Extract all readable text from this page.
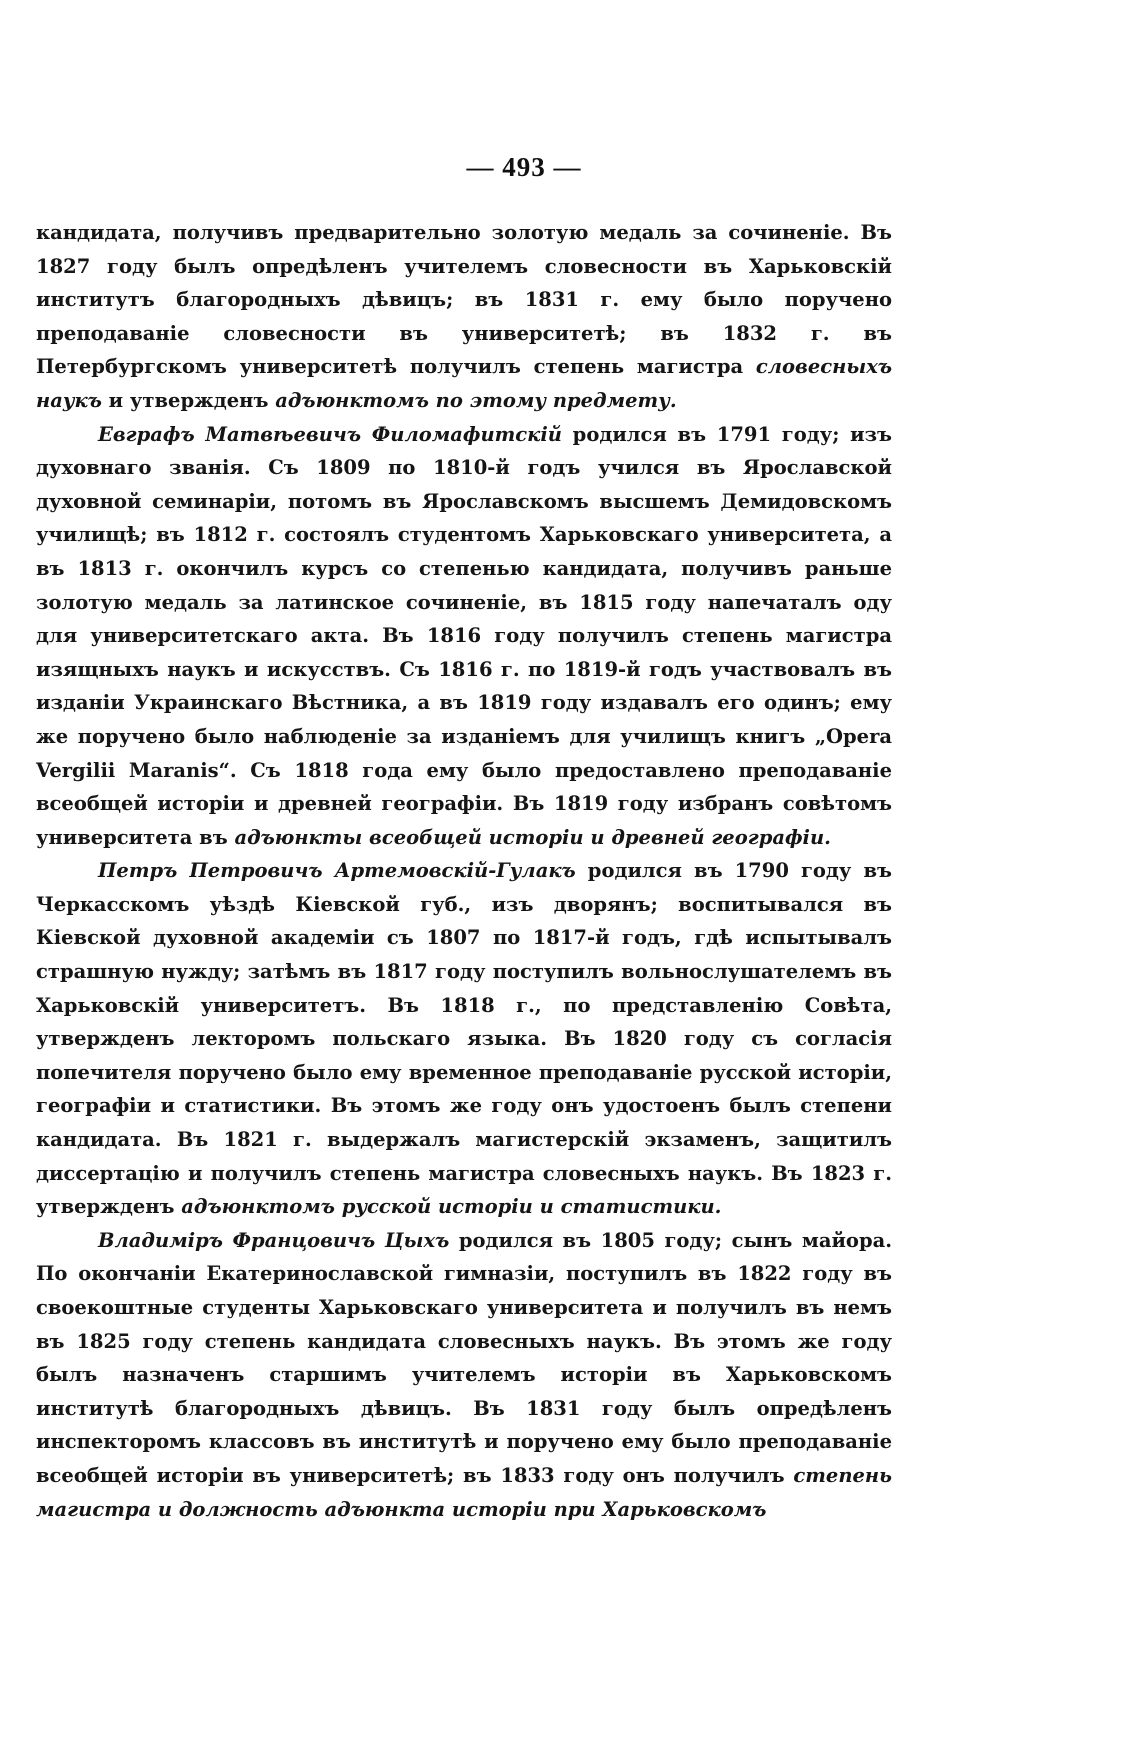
— 493 —

кандидата, получивъ предварительно золотую медаль за сочиненіе. Въ 1827 году былъ опредѣленъ учителемъ словесности въ Харьковскій институтъ благородныхъ дѣвицъ; въ 1831 г. ему было поручено преподаваніе словесности въ университетѣ; въ 1832 г. въ Петербургскомъ университетѣ получилъ степень магистра словесныхъ наукъ и утвержденъ адъюнктомъ по этому предмету.

Евграфъ Матвѣевичъ Филомафитскій родился въ 1791 году; изъ духовнаго званія. Съ 1809 по 1810-й годъ учился въ Ярославской духовной семинаріи, потомъ въ Ярославскомъ высшемъ Демидовскомъ училищѣ; въ 1812 г. состоялъ студентомъ Харьковскаго университета, а въ 1813 г. окончилъ курсъ со степенью кандидата, получивъ раньше золотую медаль за латинское сочиненіе, въ 1815 году напечаталъ оду для университетскаго акта. Въ 1816 году получилъ степень магистра изящныхъ наукъ и искусствъ. Съ 1816 г. по 1819-й годъ участвовалъ въ изданіи Украинскаго Вѣстника, а въ 1819 году издавалъ его одинъ; ему же поручено было наблюденіе за изданіемъ для училищъ книгъ „Opera Vergilii Maranis“. Съ 1818 года ему было предоставлено преподаваніе всеобщей исторіи и древней географіи. Въ 1819 году избранъ совѣтомъ университета въ адъюнкты всеобщей исторіи и древней географіи.

Петръ Петровичъ Артемовскій-Гулакъ родился въ 1790 году въ Черкасскомъ уѣздѣ Кіевской губ., изъ дворянъ; воспитывался въ Кіевской духовной академіи съ 1807 по 1817-й годъ, гдѣ испытывалъ страшную нужду; затѣмъ въ 1817 году поступилъ вольнослушателемъ въ Харьковскій университетъ. Въ 1818 г., по представленію Совѣта, утвержденъ лекторомъ польскаго языка. Въ 1820 году съ согласія попечителя поручено было ему временное преподаваніе русской исторіи, географіи и статистики. Въ этомъ же году онъ удостоенъ былъ степени кандидата. Въ 1821 г. выдержалъ магистерскій экзаменъ, защитилъ диссертацію и получилъ степень магистра словесныхъ наукъ. Въ 1823 г. утвержденъ адъюнктомъ русской исторіи и статистики.

Владиміръ Францовичъ Цыхъ родился въ 1805 году; сынъ майора. По окончаніи Екатеринославской гимназіи, поступилъ въ 1822 году въ своекоштные студенты Харьковскаго университета и получилъ въ немъ въ 1825 году степень кандидата словесныхъ наукъ. Въ этомъ же году былъ назначенъ старшимъ учителемъ исторіи въ Харьковскомъ институтѣ благородныхъ дѣвицъ. Въ 1831 году былъ опредѣленъ инспекторомъ классовъ въ институтѣ и поручено ему было преподаваніе всеобщей исторіи въ университетѣ; въ 1833 году онъ получилъ степень магистра и должность адъюнкта исторіи при Харьковскомъ
